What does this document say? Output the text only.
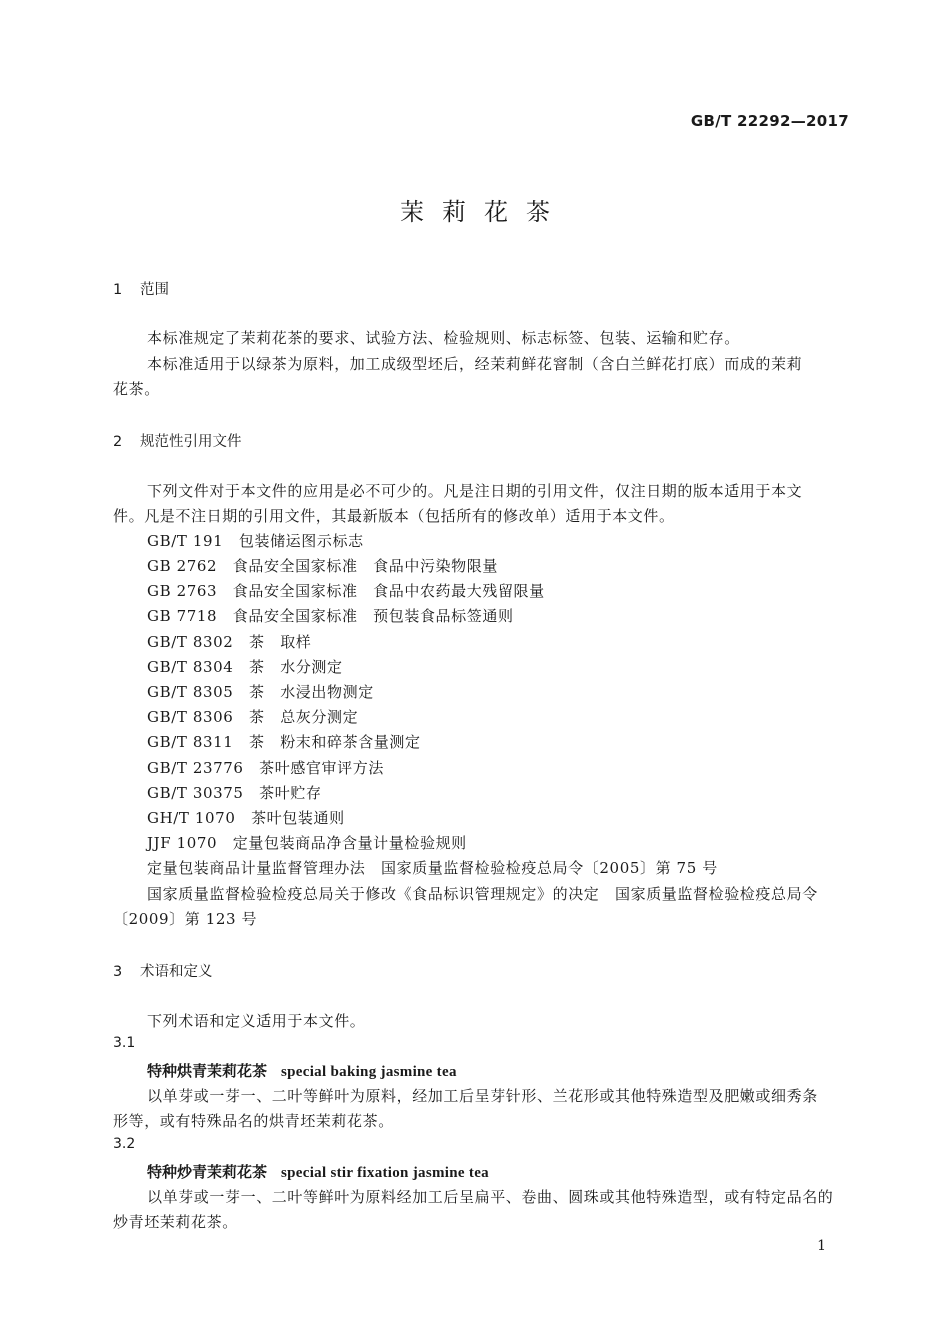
GB/T 22292—2017
茉莉花茶
1 范围
本标准规定了茉莉花茶的要求、试验方法、检验规则、标志标签、包装、运输和贮存。
本标准适用于以绿茶为原料，加工成级型坯后，经茉莉鲜花窨制（含白兰鲜花打底）而成的茉莉
花茶。
2 规范性引用文件
下列文件对于本文件的应用是必不可少的。凡是注日期的引用文件，仅注日期的版本适用于本文
件。凡是不注日期的引用文件，其最新版本（包括所有的修改单）适用于本文件。
GB/T 191　包装储运图示标志
GB 2762　食品安全国家标准　食品中污染物限量
GB 2763　食品安全国家标准　食品中农药最大残留限量
GB 7718　食品安全国家标准　预包装食品标签通则
GB/T 8302　茶　取样
GB/T 8304　茶　水分测定
GB/T 8305　茶　水浸出物测定
GB/T 8306　茶　总灰分测定
GB/T 8311　茶　粉末和碎茶含量测定
GB/T 23776　茶叶感官审评方法
GB/T 30375　茶叶贮存
GH/T 1070　茶叶包装通则
JJF 1070　定量包装商品净含量计量检验规则
定量包装商品计量监督管理办法　国家质量监督检验检疫总局令〔2005〕第 75 号
国家质量监督检验检疫总局关于修改《食品标识管理规定》的决定　国家质量监督检验检疫总局令
〔2009〕第 123 号
3 术语和定义
下列术语和定义适用于本文件。
3.1
特种烘青茉莉花茶 special baking jasmine tea
以单芽或一芽一、二叶等鲜叶为原料，经加工后呈芽针形、兰花形或其他特殊造型及肥嫩或细秀条
形等，或有特殊品名的烘青坯茉莉花茶。
3.2
特种炒青茉莉花茶 special stir fixation jasmine tea
以单芽或一芽一、二叶等鲜叶为原料经加工后呈扁平、卷曲、圆珠或其他特殊造型，或有特定品名的
炒青坯茉莉花茶。
1
